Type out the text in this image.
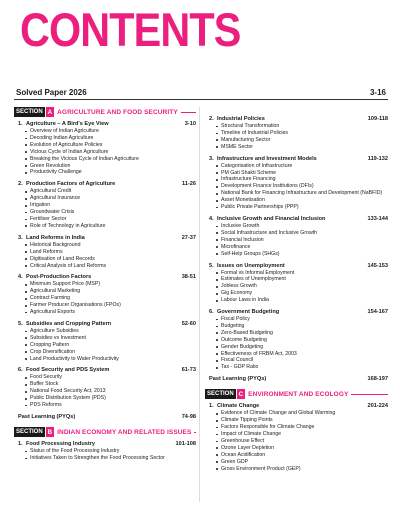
CONTENTS
Solved Paper 2026	3-16
SECTION A AGRICULTURE AND FOOD SECURITY
1. Agriculture – A Bird's Eye View	3-10
Overview of Indian Agriculture
Decoding Indian Agriculture
Evolution of Agriculture Policies
Vicious Cycle of Indian Agriculture
Breaking the Vicious Cycle of Indian Agriculture
Green Revolution
Productivity Challenge
2. Production Factors of Agriculture	11-26
Agricultural Credit
Agricultural Insurance
Irrigation
Groundwater Crisis
Fertiliser Sector
Role of Technology in Agriculture
3. Land Reforms in India	27-37
Historical Background
Land Reforms
Digitisation of Land Records
Critical Analysis of Land Reforms
4. Post-Production Factors	38-51
Minimum Support Price (MSP)
Agricultural Marketing
Contract Farming
Farmer Producer Organisations (FPOs)
Agricultural Exports
5. Subsidies and Cropping Pattern	52-60
Agriculture Subsidies
Subsidies vs Investment
Cropping Pattern
Crop Diversification
Land Productivity to Water Productivity
6. Food Security and PDS System	61-73
Food Security
Buffer Stock
National Food Security Act, 2013
Public Distribution System (PDS)
PDS Reforms
Past Learning (PYQs)	74-98
SECTION B INDIAN ECONOMY AND RELATED ISSUES
1. Food Processing Industry	101-108
Status of the Food Processing Industry
Initiatives Taken to Strengthen the Food Processing Sector
2. Industrial Policies	109-118
Structural Transformation
Timeline of Industrial Policies
Manufacturing Sector
MSME Sector
3. Infrastructure and Investment Models	119-132
Categorisation of Infrastructure
PM Gati Shakti Scheme
Infrastructure Financing
Development Finance Institutions (DFIs)
National Bank for Financing Infrastructure and Development (NaBFID)
Asset Monetisation
Public Private Partnerships (PPP)
4. Inclusive Growth and Financial Inclusion	133-144
Inclusive Growth
Social Infrastructure and Inclusive Growth
Financial Inclusion
Microfinance
Self-Help Groups (SHGs)
5. Issues on Unemployment	145-153
Formal vs Informal Employment
Estimates of Unemployment
Jobless Growth
Gig Economy
Labour Laws in India
6. Government Budgeting	154-167
Fiscal Policy
Budgeting
Zero-Based Budgeting
Outcome Budgeting
Gender Budgeting
Effectiveness of FRBM Act, 2003
Fiscal Council
Tax - GDP Ratio
Past Learning (PYQs)	168-197
SECTION C ENVIRONMENT AND ECOLOGY
1. Climate Change	201-224
Evidence of Climate Change and Global Warming
Climate Tipping Points
Factors Responsible for Climate Change
Impact of Climate Change
Greenhouse Effect
Ozone Layer Depletion
Ocean Acidification
Green GDP
Gross Environment Product (GEP)
